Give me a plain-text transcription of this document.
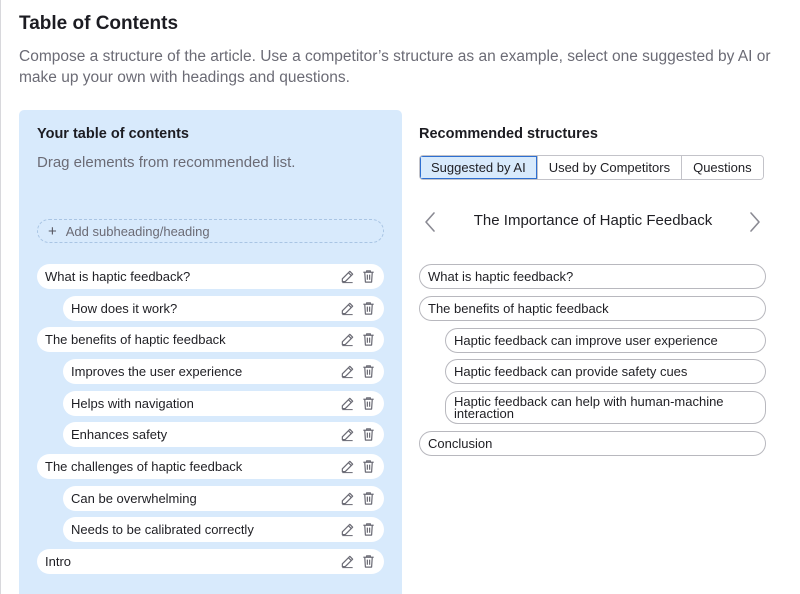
Table of Contents

Compose a structure of the article. Use a competitor’s structure as an example, select one suggested by AI or make up your own with headings and questions.

Your table of contents
Drag elements from recommended list.
+ Add subheading/heading
What is haptic feedback?
How does it work?
The benefits of haptic feedback
Improves the user experience
Helps with navigation
Enhances safety
The challenges of haptic feedback
Can be overwhelming
Needs to be calibrated correctly
Intro
Recommended structures
Suggested by AI	Used by Competitors	Questions
The Importance of Haptic Feedback
What is haptic feedback?
The benefits of haptic feedback
Haptic feedback can improve user experience
Haptic feedback can provide safety cues
Haptic feedback can help with human-machine interaction
Conclusion
